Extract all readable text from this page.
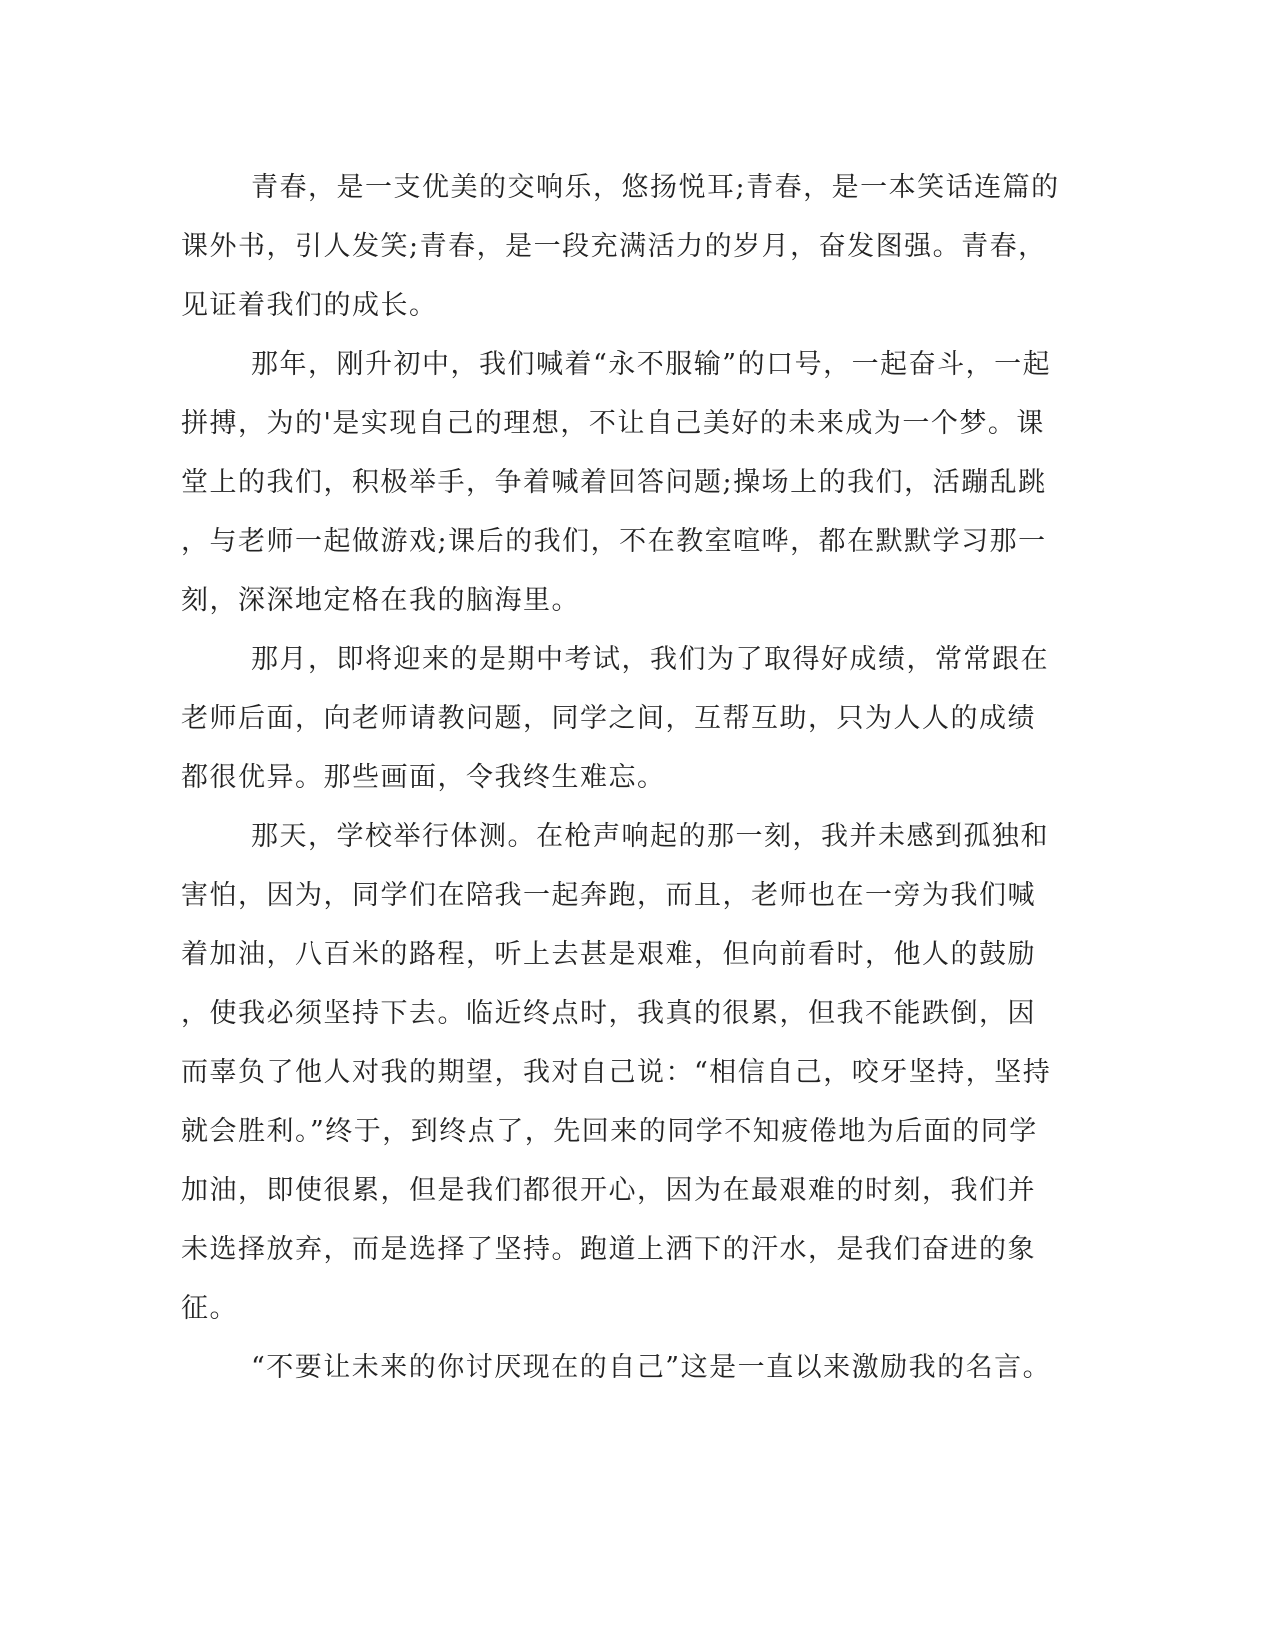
青春，是一支优美的交响乐，悠扬悦耳;青春，是一本笑话连篇的
课外书，引人发笑;青春，是一段充满活力的岁月，奋发图强。青春，
见证着我们的成长。
那年，刚升初中，我们喊着“永不服输”的口号，一起奋斗，一起
拼搏，为的'是实现自己的理想，不让自己美好的未来成为一个梦。课
堂上的我们，积极举手，争着喊着回答问题;操场上的我们，活蹦乱跳
，与老师一起做游戏;课后的我们，不在教室喧哗，都在默默学习那一
刻，深深地定格在我的脑海里。
那月，即将迎来的是期中考试，我们为了取得好成绩，常常跟在
老师后面，向老师请教问题，同学之间，互帮互助，只为人人的成绩
都很优异。那些画面，令我终生难忘。
那天，学校举行体测。在枪声响起的那一刻，我并未感到孤独和
害怕，因为，同学们在陪我一起奔跑，而且，老师也在一旁为我们喊
着加油，八百米的路程，听上去甚是艰难，但向前看时，他人的鼓励
，使我必须坚持下去。临近终点时，我真的很累，但我不能跌倒，因
而辜负了他人对我的期望，我对自己说：“相信自己，咬牙坚持，坚持
就会胜利。”终于，到终点了，先回来的同学不知疲倦地为后面的同学
加油，即使很累，但是我们都很开心，因为在最艰难的时刻，我们并
未选择放弃，而是选择了坚持。跑道上洒下的汗水，是我们奋进的象
征。
“不要让未来的你讨厌现在的自己”这是一直以来激励我的名言。
